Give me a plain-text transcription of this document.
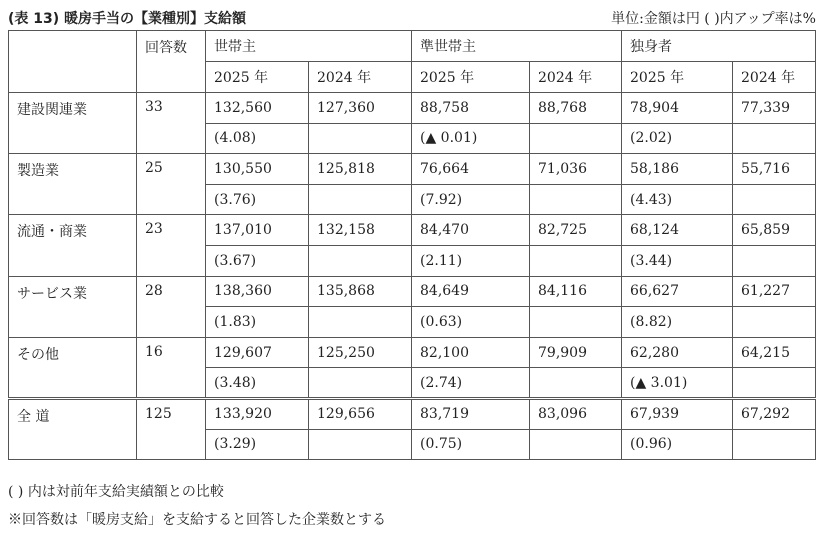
(表 13) 暖房手当の【業種別】支給額	単位:金額は円 ( )内アップ率は%
	回答数	世帯主		準世帯主		独身者	
		2025 年	2024 年	2025 年	2024 年	2025 年	2024 年
建設関連業	33	132,560	127,360	88,758	88,768	78,904	77,339
		(4.08)		(▲ 0.01)		(2.02)	
製造業	25	130,550	125,818	76,664	71,036	58,186	55,716
		(3.76)		(7.92)		(4.43)	
流通・商業	23	137,010	132,158	84,470	82,725	68,124	65,859
		(3.67)		(2.11)		(3.44)	
サービス業	28	138,360	135,868	84,649	84,116	66,627	61,227
		(1.83)		(0.63)		(8.82)	
その他	16	129,607	125,250	82,100	79,909	62,280	64,215
		(3.48)		(2.74)		(▲ 3.01)	
全 道	125	133,920	129,656	83,719	83,096	67,939	67,292
		(3.29)		(0.75)		(0.96)	
( ) 内は対前年支給実績額との比較
※回答数は「暖房支給」を支給すると回答した企業数とする
